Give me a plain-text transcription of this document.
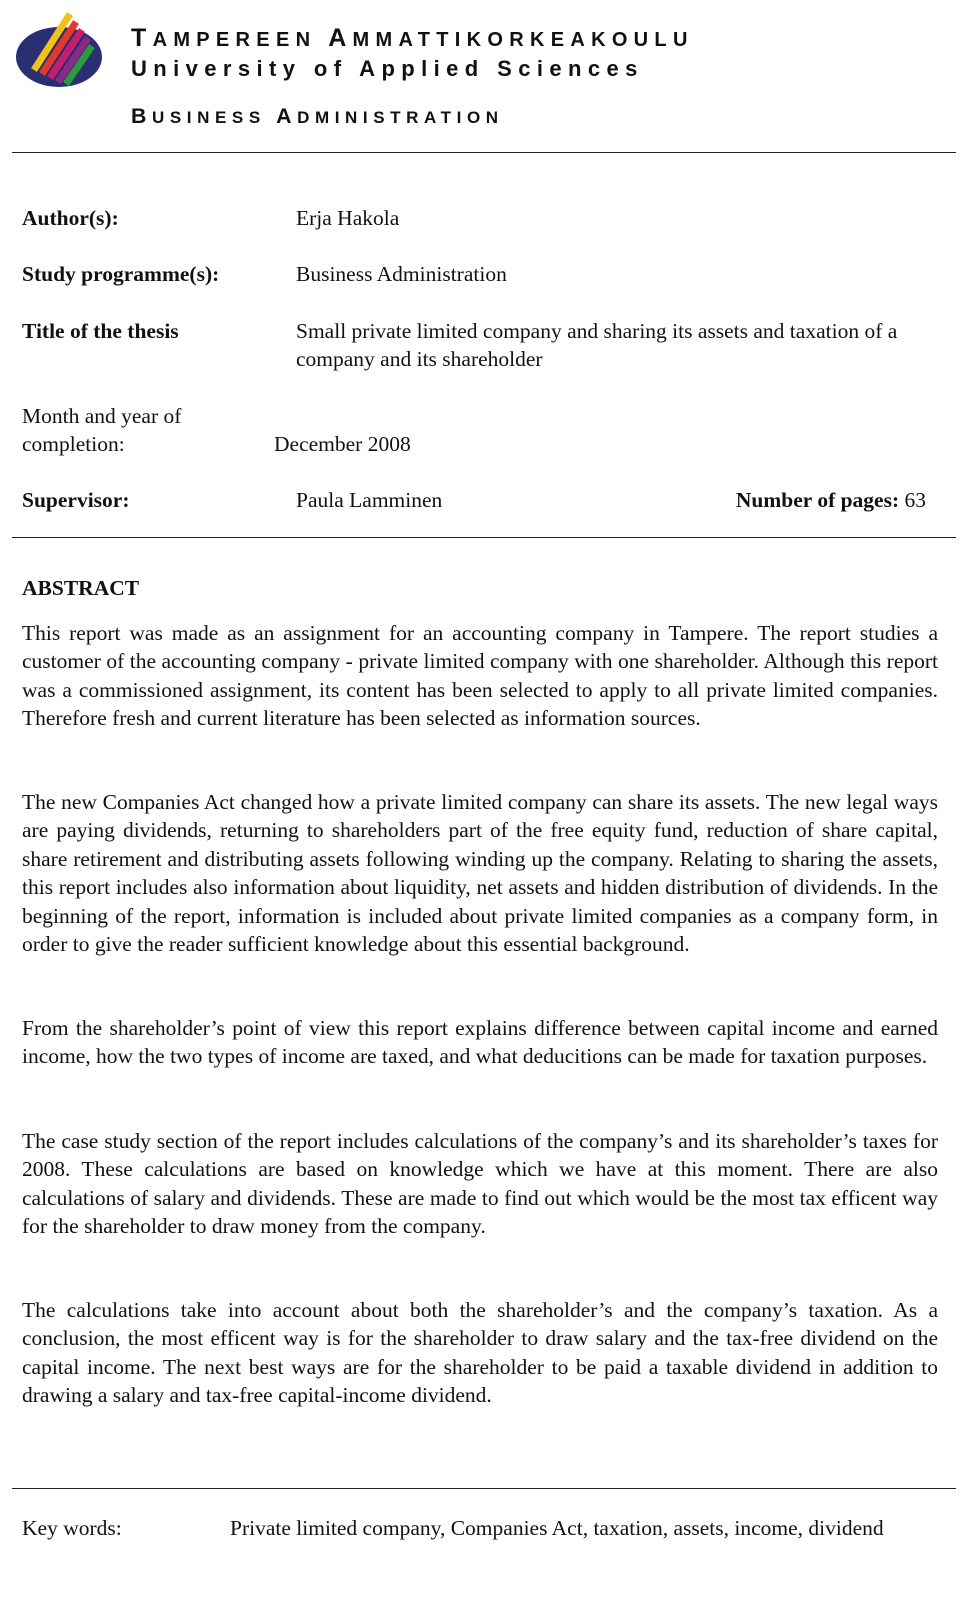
TAMPEREEN AMMATTIKORKEAKOULU
University of Applied Sciences
BUSINESS ADMINISTRATION
Author(s):	Erja Hakola
Study programme(s):	Business Administration
Title of the thesis	Small private limited company and sharing its assets and taxation of a company and its shareholder
Month and year of completion:	December 2008
Supervisor:	Paula Lamminen	Number of pages: 63
ABSTRACT

This report was made as an assignment for an accounting company in Tampere. The report studies a customer of the accounting company - private limited company with one shareholder. Although this report was a commissioned assignment, its content has been selected to apply to all private limited companies. Therefore fresh and current literature has been selected as information sources.

The new Companies Act changed how a private limited company can share its assets. The new legal ways are paying dividends, returning to shareholders part of the free equity fund, reduction of share capital, share retirement and distributing assets following winding up the company. Relating to sharing the assets, this report includes also information about liquidity, net assets and hidden distribution of dividends. In the beginning of the report, information is included about private limited companies as a company form, in order to give the reader sufficient knowledge about this essential background.

From the shareholder’s point of view this report explains difference between capital income and earned income, how the two types of income are taxed, and what deducitions can be made for taxation purposes.

The case study section of the report includes calculations of the company’s and its shareholder’s taxes for 2008. These calculations are based on knowledge which we have at this moment. There are also calculations of salary and dividends. These are made to find out which would be the most tax efficent way for the shareholder to draw money from the company.

The calculations take into account about both the shareholder’s and the company’s taxation. As a conclusion, the most efficent way is for the shareholder to draw salary and the tax-free dividend on the capital income. The next best ways are for the shareholder to be paid a taxable dividend in addition to drawing a salary and tax-free capital-income dividend.

Key words:	Private limited company, Companies Act, taxation, assets, income, dividend
